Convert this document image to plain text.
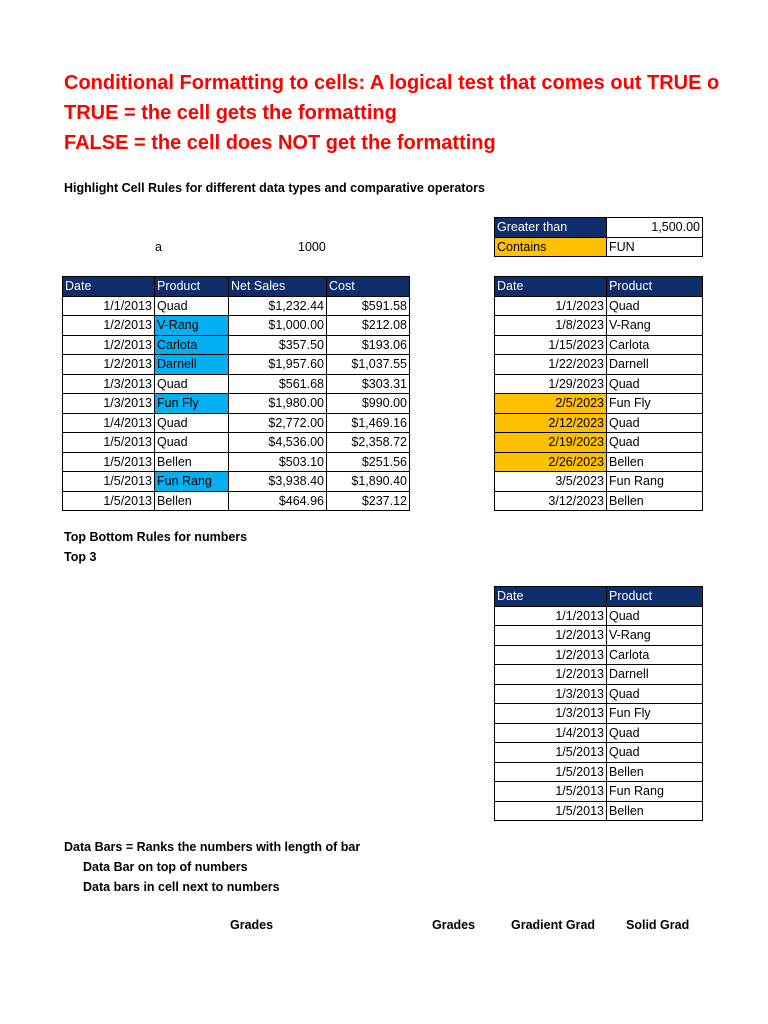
Conditional Formatting to cells: A logical test that comes out TRUE o
TRUE = the cell gets the formatting
FALSE = the cell does NOT get the formatting
Highlight Cell Rules for different data types and comparative operators
a	1000
Greater than	1,500.00
Contains	FUN
Date	Product	Net Sales	Cost
1/1/2013	Quad	$1,232.44	$591.58
1/2/2013	V-Rang	$1,000.00	$212.08
1/2/2013	Carlota	$357.50	$193.06
1/2/2013	Darnell	$1,957.60	$1,037.55
1/3/2013	Quad	$561.68	$303.31
1/3/2013	Fun Fly	$1,980.00	$990.00
1/4/2013	Quad	$2,772.00	$1,469.16
1/5/2013	Quad	$4,536.00	$2,358.72
1/5/2013	Bellen	$503.10	$251.56
1/5/2013	Fun Rang	$3,938.40	$1,890.40
1/5/2013	Bellen	$464.96	$237.12
Date	Product
1/1/2023	Quad
1/8/2023	V-Rang
1/15/2023	Carlota
1/22/2023	Darnell
1/29/2023	Quad
2/5/2023	Fun Fly
2/12/2023	Quad
2/19/2023	Quad
2/26/2023	Bellen
3/5/2023	Fun Rang
3/12/2023	Bellen
Top Bottom Rules for numbers
Top 3
Date	Product
1/1/2013	Quad
1/2/2013	V-Rang
1/2/2013	Carlota
1/2/2013	Darnell
1/3/2013	Quad
1/3/2013	Fun Fly
1/4/2013	Quad
1/5/2013	Quad
1/5/2013	Bellen
1/5/2013	Fun Rang
1/5/2013	Bellen
Data Bars = Ranks the numbers with length of bar
Data Bar on top of numbers
Data bars in cell next to numbers
Grades	Grades	Gradient Grad Solid Grad
